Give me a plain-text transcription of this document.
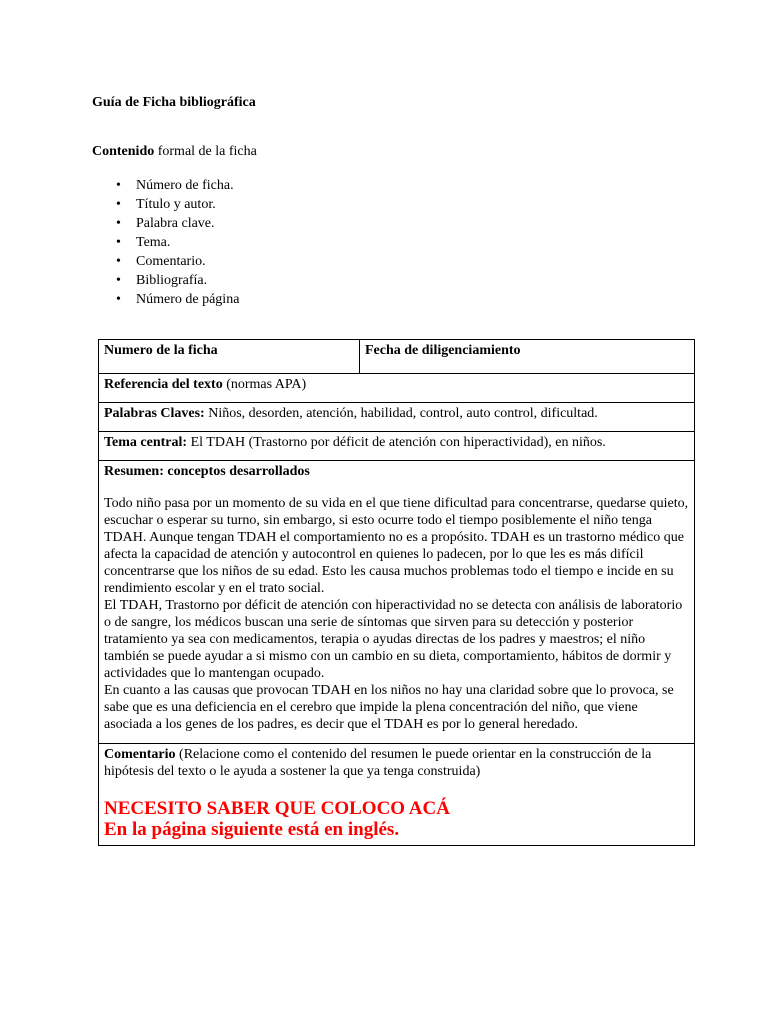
Guía de Ficha bibliográfica
Contenido formal de la ficha
• Número de ficha.
• Título y autor.
• Palabra clave.
• Tema.
• Comentario.
• Bibliografía.
• Número de página
Numero de la ficha	Fecha de diligenciamiento
Referencia del texto (normas APA)
Palabras Claves: Niños, desorden, atención, habilidad, control, auto control, dificultad.
Tema central: El TDAH (Trastorno por déficit de atención con hiperactividad), en niños.

Resumen: conceptos desarrollados

Todo niño pasa por un momento de su vida en el que tiene dificultad para concentrarse, quedarse quieto, escuchar o esperar su turno, sin embargo, si esto ocurre todo el tiempo posiblemente el niño tenga TDAH. Aunque tengan TDAH el comportamiento no es a propósito. TDAH es un trastorno médico que afecta la capacidad de atención y autocontrol en quienes lo padecen, por lo que les es más difícil concentrarse que los niños de su edad. Esto les causa muchos problemas todo el tiempo e incide en su rendimiento escolar y en el trato social.

El TDAH, Trastorno por déficit de atención con hiperactividad no se detecta con análisis de laboratorio o de sangre, los médicos buscan una serie de síntomas que sirven para su detección y posterior tratamiento ya sea con medicamentos, terapia o ayudas directas de los padres y maestros; el niño también se puede ayudar a si mismo con un cambio en su dieta, comportamiento, hábitos de dormir y actividades que lo mantengan ocupado.

En cuanto a las causas que provocan TDAH en los niños no hay una claridad sobre que lo provoca, se sabe que es una deficiencia en el cerebro que impide la plena concentración del niño, que viene asociada a los genes de los padres, es decir que el TDAH es por lo general heredado.

Comentario (Relacione como el contenido del resumen le puede orientar en la construcción de la hipótesis del texto o le ayuda a sostener la que ya tenga construida)

NECESITO SABER QUE COLOCO ACÁ

En la página siguiente está en inglés.
